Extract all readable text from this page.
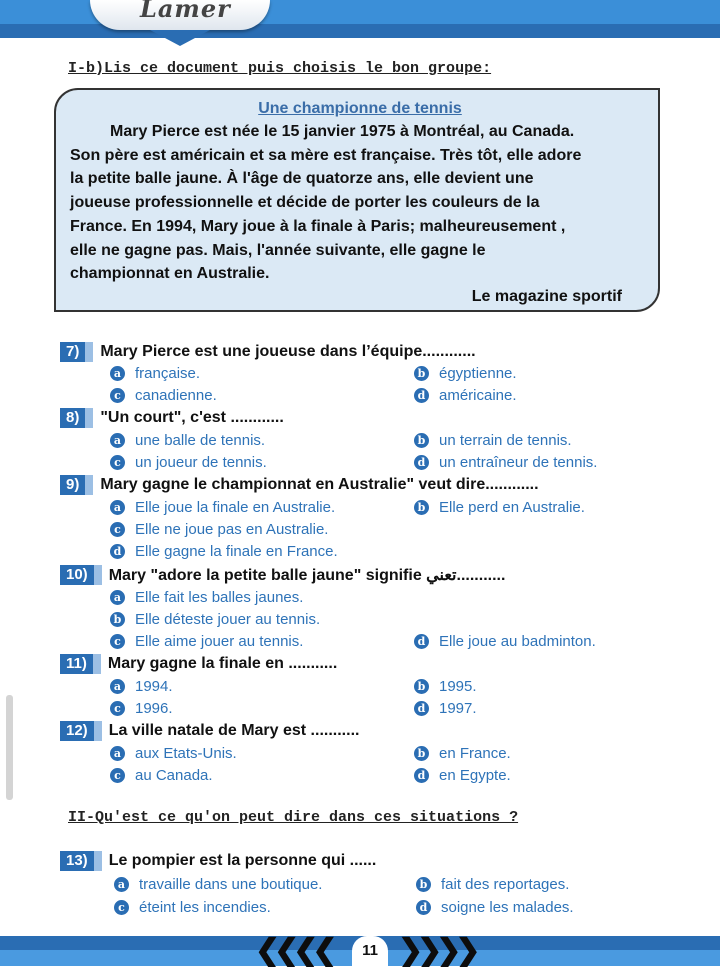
Lamer
I-b)Lis ce document puis choisis le bon groupe:
Une championne de tennis
Mary Pierce est née le 15 janvier 1975 à Montréal, au Canada.
Son père est américain et sa mère est française. Très tôt, elle adore
la petite balle jaune. À l'âge de quatorze ans, elle devient une
joueuse professionnelle et décide de porter les couleurs de la
France. En 1994, Mary joue à la finale à Paris; malheureusement ,
elle ne gagne pas. Mais, l'année suivante, elle gagne le
championnat en Australie.
Le magazine sportif
7)	Mary Pierce est une joueuse dans l’équipe............
a française.	b égyptienne.
c canadienne.	d américaine.
8)	"Un court", c'est ............
a une balle de tennis.	b un terrain de tennis.
c un joueur de tennis.	d un entraîneur de tennis.
9)	Mary gagne le championnat en Australie" veut dire............
a Elle joue la finale en Australie.	b Elle perd en Australie.
c Elle ne joue pas en Australie.
d Elle gagne la finale en France.
10)	Mary "adore la petite balle jaune" signifie تعني...........
a Elle fait les balles jaunes.
b Elle déteste jouer au tennis.
c Elle aime jouer au tennis.	d Elle joue au badminton.
11)	Mary gagne la finale en ...........
a 1994.	b 1995.
c 1996.	d 1997.
12)	La ville natale de Mary est ...........
a aux Etats-Unis.	b en France.
c au Canada.	d en Egypte.
II-Qu'est ce qu'on peut dire dans ces situations ?
13)	Le pompier est la personne qui ......
a travaille dans une boutique.	b fait des reportages.
c éteint les incendies.	d soigne les malades.
❮❮❮❮ ❯❯❯❯
11
